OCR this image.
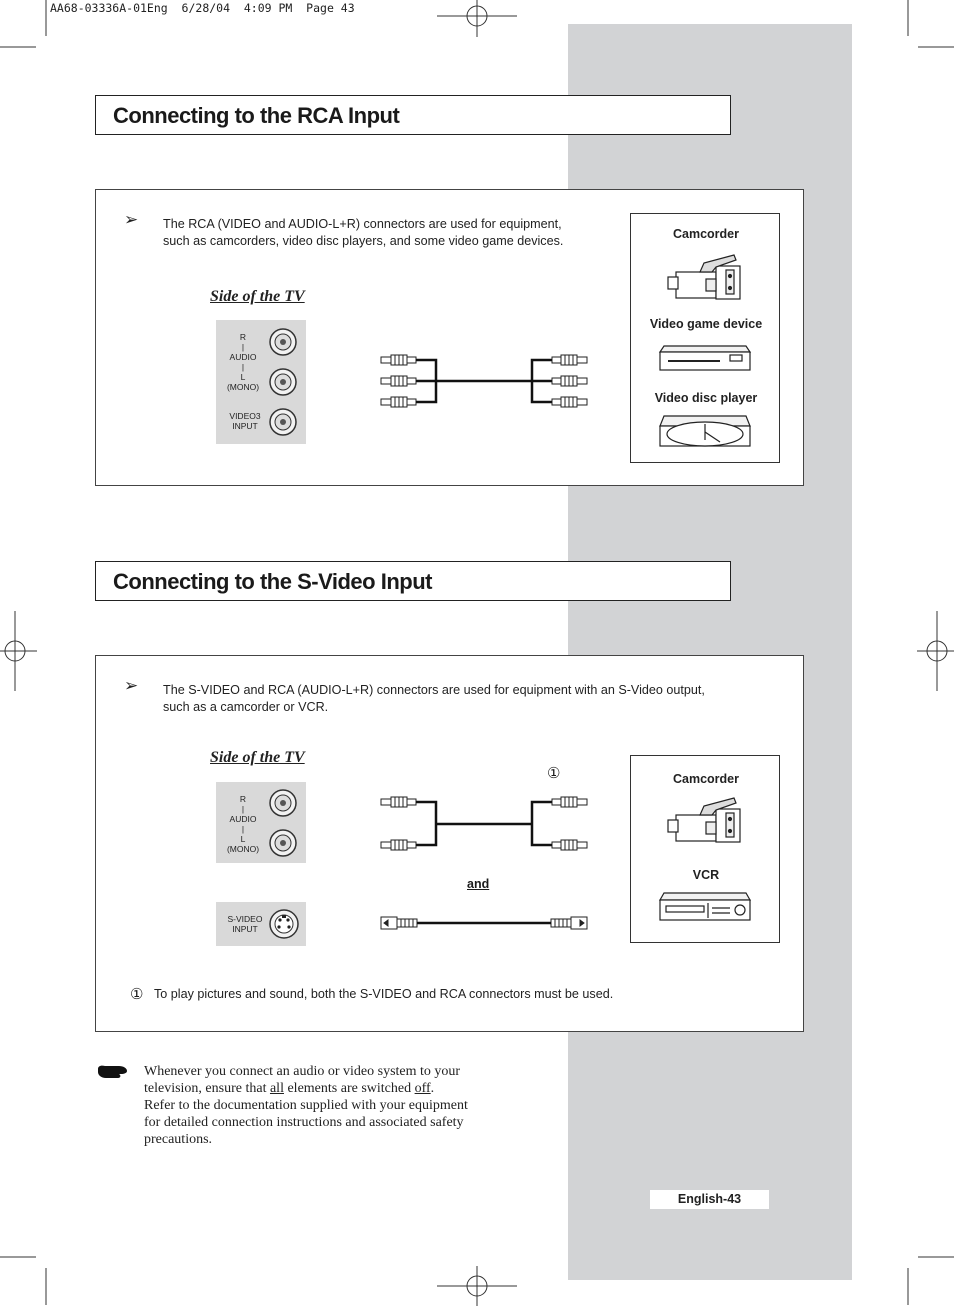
AA68-03336A-01Eng  6/28/04  4:09 PM  Page 43
Connecting to the RCA Input
➢ The RCA (VIDEO and AUDIO-L+R) connectors are used for equipment,
such as camcorders, video disc players, and some video game devices.
Side of the TV
R
|
AUDIO
|
L
(MONO)
VIDEO3
INPUT
Camcorder
Video game device
Video disc player
Connecting to the S-Video Input
➢ The S-VIDEO and RCA (AUDIO-L+R) connectors are used for equipment with an S-Video output,
such as a camcorder or VCR.
Side of the TV
R
|
AUDIO
|
L
(MONO)
S-VIDEO
INPUT
①
and
Camcorder
VCR
① To play pictures and sound, both the S-VIDEO and RCA connectors must be used.
Whenever you connect an audio or video system to your
television, ensure that all elements are switched off.
Refer to the documentation supplied with your equipment
for detailed connection instructions and associated safety
precautions.
English-43
